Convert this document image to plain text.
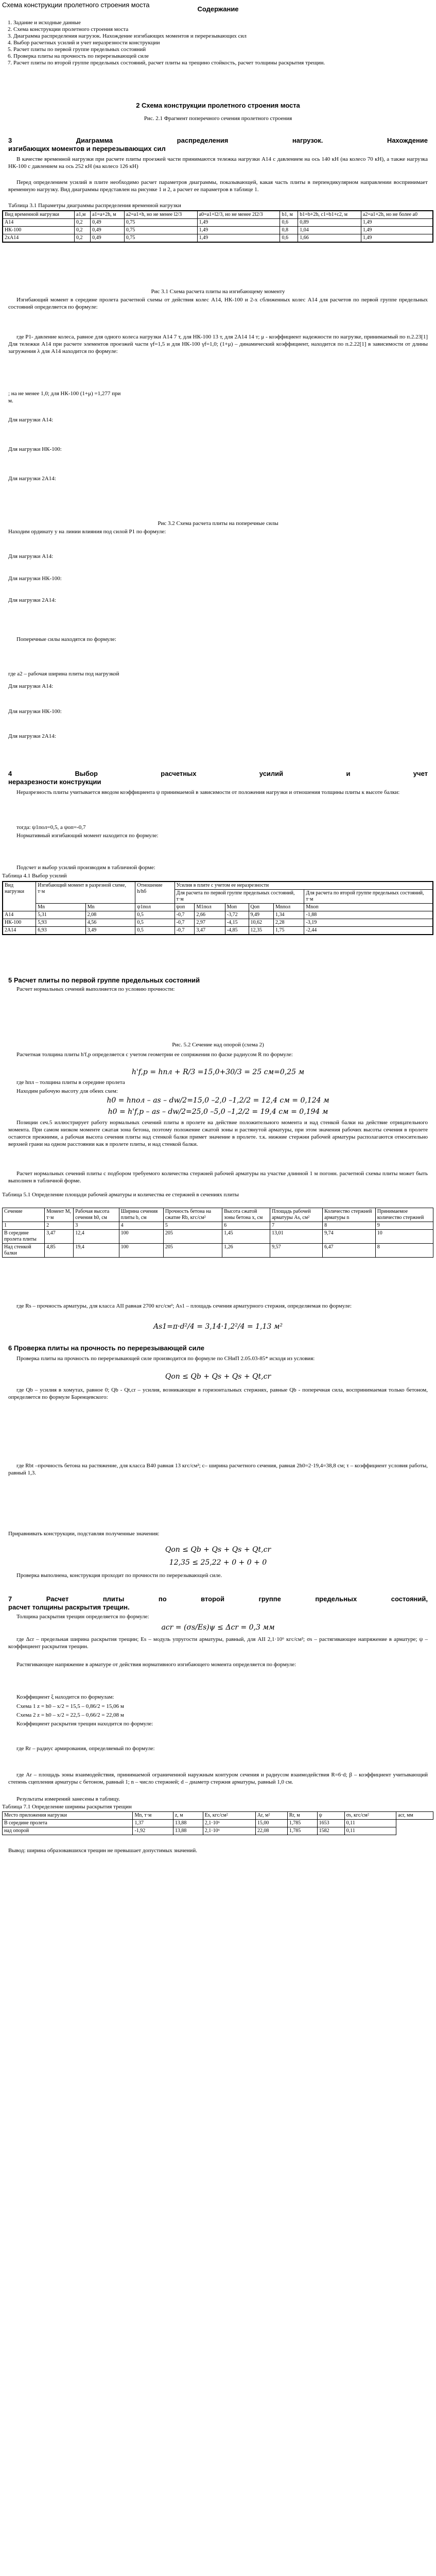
Схема конструкции пролетного строения моста
Содержание
1. Задание и исходные данные
2. Схема конструкции пролетного строения моста
3. Диаграмма распределения нагрузок. Нахождение изгибающих моментов и перерезывающих сил
4. Выбор расчетных усилий и учет неразрезности конструкции
5. Расчет плиты по первой группе предельных состояний
6. Проверка плиты на прочность по перерезывающей силе
7. Расчет плиты по второй группе предельных состояний, расчет плиты на трещино стойкость, расчет толщины раскрытия трещин.
2 Схема конструкции пролетного строения моста
Рис. 2.1 Фрагмент поперечного сечения пролетного строения
3 Диаграмма распределения нагрузок. Нахождение
изгибающих моментов и перерезывающих сил

В качестве временной нагрузки при расчете плиты проезжей части принимаются тележка нагрузки А14 с давлением на ось 140 кН (на колесо 70 кН), а также нагрузка НК-100 с давлением на ось 252 кН (на колесо 126 кН)

Перед определением усилий в плите необходимо расчет параметров диаграммы, показывающей, какая часть плиты в перпендикулярном направлении воспринимает временную нагрузку. Вид диаграммы представлен на рисунке 1 и 2, а расчет ее параметров в таблице 1.

Таблица 3.1 Параметры диаграммы распределения временной нагрузки
Вид временной нагрузки	a1,м	a1=a+2h, м	a2=a1+h, но не менее l2/3	a0=a1+l2/3, но не менее 2l2/3	b1, м	b1=b+2h, c1=b1+c2, м	a2=a1+2h, но не более a0
A14	0,2	0,49	0,75	1,49	0,6	0,89	1,49
НК-100	0,2	0,49	0,75	1,49	0,8	1,04	1,49
2хА14	0,2	0,49	0,75	1,49	0,6	1,66	1,49
Рис 3.1 Схема расчета плиты на изгибающему моменту

Изгибающий момент в середине пролета расчетной схемы от действия колес А14, НК-100 и 2-х сближенных колес А14 для расчетов по первой группе предельных состояний определяется по формуле:

где Р1- давление колеса, равное для одного колеса нагрузки А14 7 т, для НК-100 13 т, для 2А14 14 т; μ - коэффициент надежности по нагрузке, принимаемый по п.2.23[1] Для тележки А14 при расчете элементов проезжей части γf=1,5 и для НК-100 γf=1,0; (1+μ) – динамический коэффициент, находится по п.2.22[1] в зависимости от длины загружения λ для А14 находится по формуле:

; на не менее 1,0; для НК-100 (1+μ) =1,277 при

м.

Для нагрузки А14:
Для нагрузки НК-100:
Для нагрузки 2А14:
Рис 3.2 Схема расчета плиты на поперечные силы

Находим ординату y на линии влияния под силой P1 по формуле:

Для нагрузки А14:
Для нагрузки НК-100:
Для нагрузки 2А14:

Поперечные силы находятся по формуле:

где а2 – рабочая ширина плиты под нагрузкой

Для нагрузки А14:
Для нагрузки НК-100:
Для нагрузки 2А14:
4 Выбор расчетных усилий и учет
неразрезности конструкции

Неразрезность плиты учитывается вводом коэффициента ψ принимаемой в зависимости от положения нагрузки и отношения толщины плиты к высоте балки:

тогда: ψ1пол=0,5, а ψоп=-0,7

Нормативный изгибающий момент находится по формуле:

Подсчет и выбор усилий производим в табличной форме:

Таблица 4.1 Выбор усилий
Вид нагрузки	Изгибающий момент в разрезной схеме, т·м		Отношение h/hб	Усилия в плите с учетом ее неразрезности					
				Для расчета по первой группе предельных состояний, т·м					Для расчета по второй группе предельных состояний, т·м
	Mn	Mn	ψ1пол	ψоп	M1пол	Mоп	Qоп	Mnпол	Mnоп
А14	5,31	2,08	0,5	-0,7	2,66	-3,72	9,49	1,34	-1,88
НК-100	5,93	4,56	0,5	-0,7	2,97	-4,15	10,62	2,28	-3,19
2А14	6,93	3,49	0,5	-0,7	3,47	-4,85	12,35	1,75	-2,44
5 Расчет плиты по первой группе предельных состояний

Расчет нормальных сечений выполняется по условию прочности:

Рис. 5.2 Сечение над опорой (схема 2)

Расчетная толщина плиты h'f,p определяется с учетом геометрии ее сопряжения по фаске радиусом R по формуле:

h'f,p = hпл + R/3 =15,0+30/3 = 25 см=0,25 м

где hпл – толщина плиты в середине пролета

Находим рабочую высоту для обеих схем:

h0 = hпол – as – dw/2=15,0 –2,0 –1,2/2 = 12,4 см = 0,124 м
h0 = h'f,p – as – dw/2=25,0 –5,0 –1,2/2 = 19,4 см = 0,194 м

Позиции сеч.5 иллюстрирует работу нормальных сечений плиты в пролете на действие положительного момента и над стенкой балки на действие отрицательного момента. При самом низком моменте сжатая зона бетона, поэтому положение сжатой зоны и растянутой арматуры, при этом значения рабочих высоты сечения в пролете остаются прежними, а рабочая высота сечения плиты над стенкой балки примет значение в пролете. т.к. нижние стержни рабочей арматуры располагаются относительно верхней грани на одном расстоянии как в пролете плиты, и над стенкой балки.

Расчет нормальных сечений плиты с подбором требуемого количества стержней рабочей арматуры на участке длинной 1 м погонн. расчетной схемы плиты может быть выполнен в табличной форме.

Таблица 5.1 Определение площади рабочей арматуры и количества ее стержней в сечениях плиты
Сечение	Момент M, т·м	Рабочая высота сечения h0, см	Ширина сечения плиты b, см	Прочность бетона на сжатие Rb, кгс/см²	Высота сжатой зоны бетона x, см	Площадь рабочей арматуры As, см²	Количество стержней арматуры n	Принимаемое количество стержней
1	2	3	4	5	6	7	8	9
В середине пролета плиты	3,47	12,4	100	205	1,45	13,01	9,74	10
Над стенкой балки	4,85	19,4	100	205	1,26	9,57	6,47	8

где Rs – прочность арматуры, для класса АII равная 2700 кгс/см²; As1 – площадь сечения арматурного стержня, определяемая по формуле:

As1=π·d²/4 = 3,14·1,2²/4 = 1,13 м²
6 Проверка плиты на прочность по перерезывающей силе

Проверка плиты на прочность по перерезывающей силе производится по формуле по СНиП 2.05.03-85* исходя из условия:

Qоп ≤ Qb + Qs + Qs + Qt,cr

где Qb – усилия в хомутах, равное 0; Qb - Qt,cr – усилия, возникающие в горизонтальных стержнях, равные Qb - поперечная сила, воспринимаемая только бетоном, определяется по формуле Баренцевского:

где Rbt –прочность бетона на растяжение, для класса В40 равная 13 кгс/см²; c– ширина расчетного сечения, равная 2h0=2·19,4=38,8 см; τ – коэффициент условия работы, равный 1,3.

Приравнивать конструкции, подставляя полученные значения:

Qоп ≤ Qb + Qs + Qs + Qt,cr
12,35 ≤ 25,22 + 0 + 0 + 0

Проверка выполнена, конструкция проходит по прочности по перерезывающей силе.

7 Расчет плиты по второй группе предельных состояний,
расчет толщины раскрытия трещин.

Толщина раскрытия трещин определяется по формуле:

acr = (σs/Es)ψ ≤ Δcr = 0,3 мм

где Δcr – предельная ширина раскрытия трещин; Es – модуль упругости арматуры, равный, для АII 2,1·10⁶ кгс/см²; σs – растягивающее напряжение в арматуре; ψ – коэффициент раскрытия трещин.

Растягивающее напряжение в арматуре от действия нормативного изгибающего момента определяется по формуле:

Коэффициент ξ находится по формулам:

Схема 1 z = h0 – x/2 = 15,5 – 0,86/2 = 15,06 м

Схема 2 z = h0 – x/2 = 22,5 – 0,66/2 = 22,08 м

Коэффициент раскрытия трещин находится по формуле:

где Rr – радиус армирования, определяемый по формуле:

где Ar – площадь зоны взаимодействия, принимаемой ограниченной наружным контуром сечения и радиусом взаимодействия R=6·d; β – коэффициент учитывающий степень сцепления арматуры с бетоном, равный 1; n – число стержней; d – диаметр стержня арматуры, равный 1,0 см.

Результаты измерений занесены в таблицу.

Таблица 7.1 Определение ширины раскрытия трещин
Место приложения нагрузки	Mn, т·м	z, м	Es, кгс/см²	Ar, м²	Rr, м	ψ	σs, кгс/см²	acr, мм
В середине пролета	1,37	13,88	2,1·10⁶	15,00	1,785	1653	0,11	
над опорой	-1,92	13,88	2,1·10⁶	22,08	1,785	1582	0,11	

Вывод: ширина образовавшихся трещин не превышает допустимых значений.
